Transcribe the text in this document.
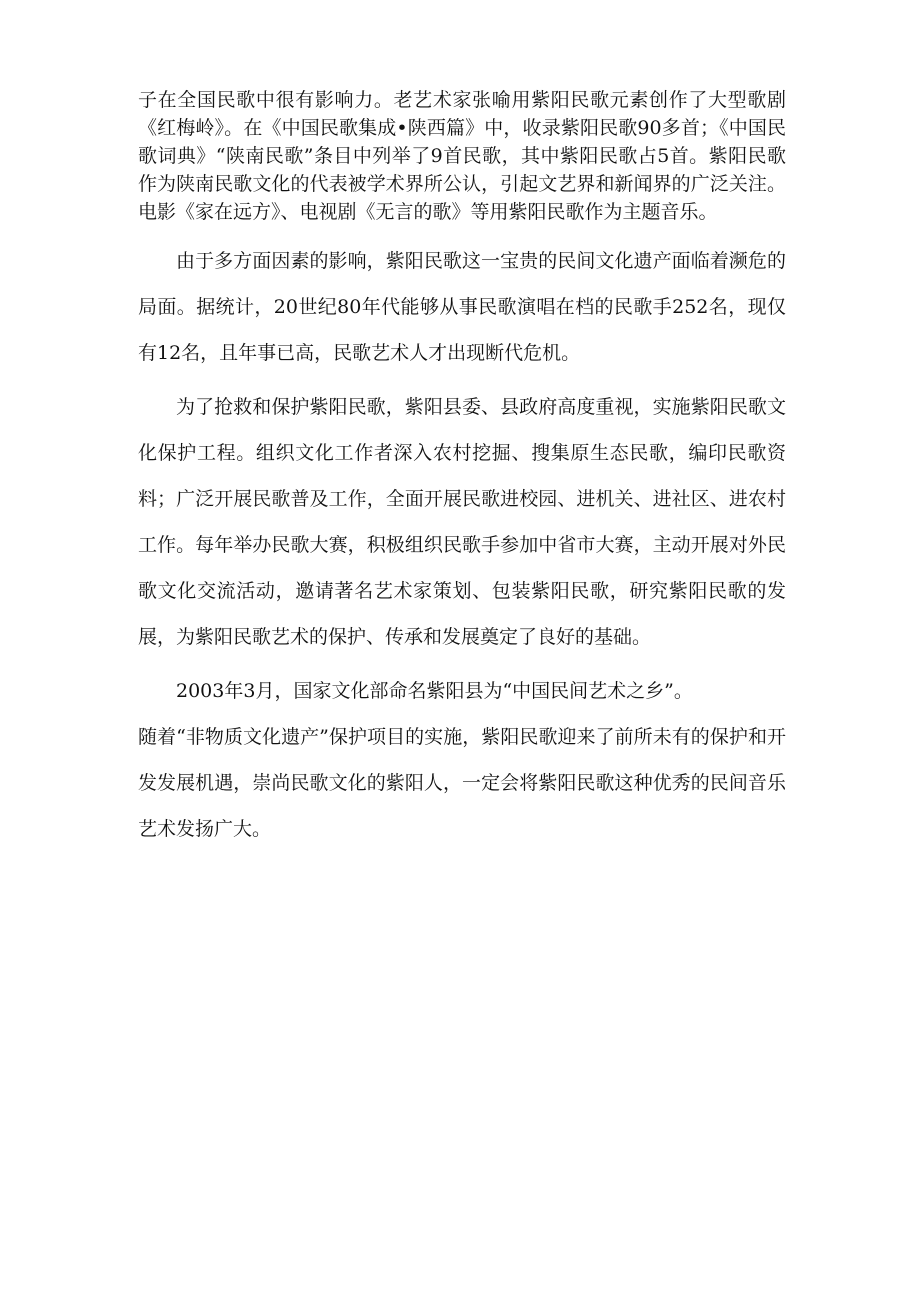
子在全国民歌中很有影响力。老艺术家张喻用紫阳民歌元素创作了大型歌剧《红梅岭》。在《中国民歌集成•陕西篇》中，收录紫阳民歌90多首；《中国民歌词典》“陕南民歌”条目中列举了9首民歌，其中紫阳民歌占5首。紫阳民歌作为陕南民歌文化的代表被学术界所公认，引起文艺界和新闻界的广泛关注。电影《家在远方》、电视剧《无言的歌》等用紫阳民歌作为主题音乐。

由于多方面因素的影响，紫阳民歌这一宝贵的民间文化遗产面临着濒危的局面。据统计，20世纪80年代能够从事民歌演唱在档的民歌手252名，现仅有12名，且年事已高，民歌艺术人才出现断代危机。

为了抢救和保护紫阳民歌，紫阳县委、县政府高度重视，实施紫阳民歌文化保护工程。组织文化工作者深入农村挖掘、搜集原生态民歌，编印民歌资料；广泛开展民歌普及工作，全面开展民歌进校园、进机关、进社区、进农村工作。每年举办民歌大赛，积极组织民歌手参加中省市大赛，主动开展对外民歌文化交流活动，邀请著名艺术家策划、包装紫阳民歌，研究紫阳民歌的发展，为紫阳民歌艺术的保护、传承和发展奠定了良好的基础。

2003年3月，国家文化部命名紫阳县为“中国民间艺术之乡”。

随着“非物质文化遗产”保护项目的实施，紫阳民歌迎来了前所未有的保护和开发发展机遇，崇尚民歌文化的紫阳人，一定会将紫阳民歌这种优秀的民间音乐艺术发扬广大。
